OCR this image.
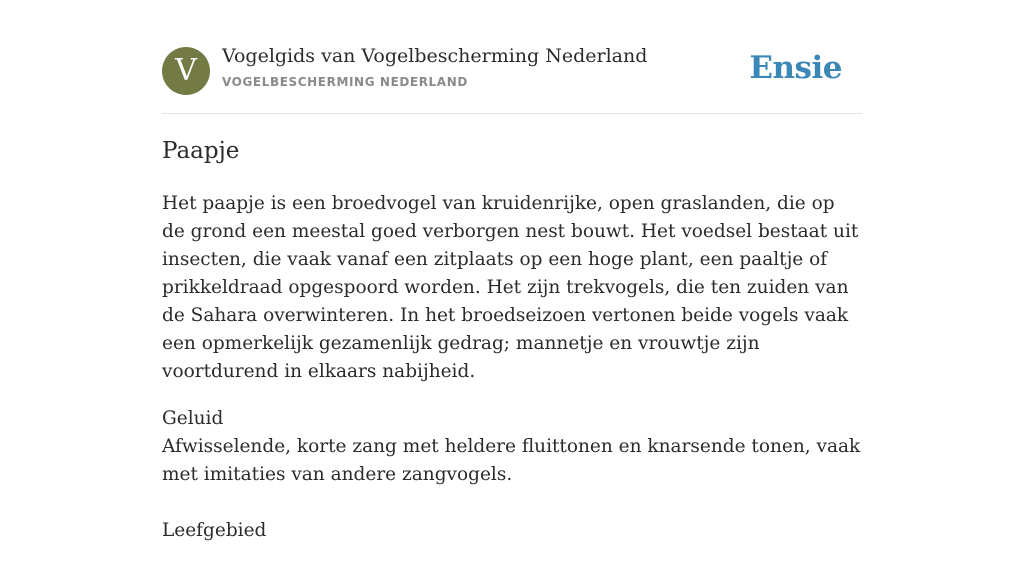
V	Vogelgids van Vogelbescherming Nederland
VOGELBESCHERMING NEDERLAND	Ensie
Paapje

Het paapje is een broedvogel van kruidenrijke, open graslanden, die op de grond een meestal goed verborgen nest bouwt. Het voedsel bestaat uit insecten, die vaak vanaf een zitplaats op een hoge plant, een paaltje of prikkeldraad opgespoord worden. Het zijn trekvogels, die ten zuiden van de Sahara overwinteren. In het broedseizoen vertonen beide vogels vaak een opmerkelijk gezamenlijk gedrag; mannetje en vrouwtje zijn voortdurend in elkaars nabijheid.

Geluid
Afwisselende, korte zang met heldere fluittonen en knarsende tonen, vaak met imitaties van andere zangvogels.

Leefgebied
